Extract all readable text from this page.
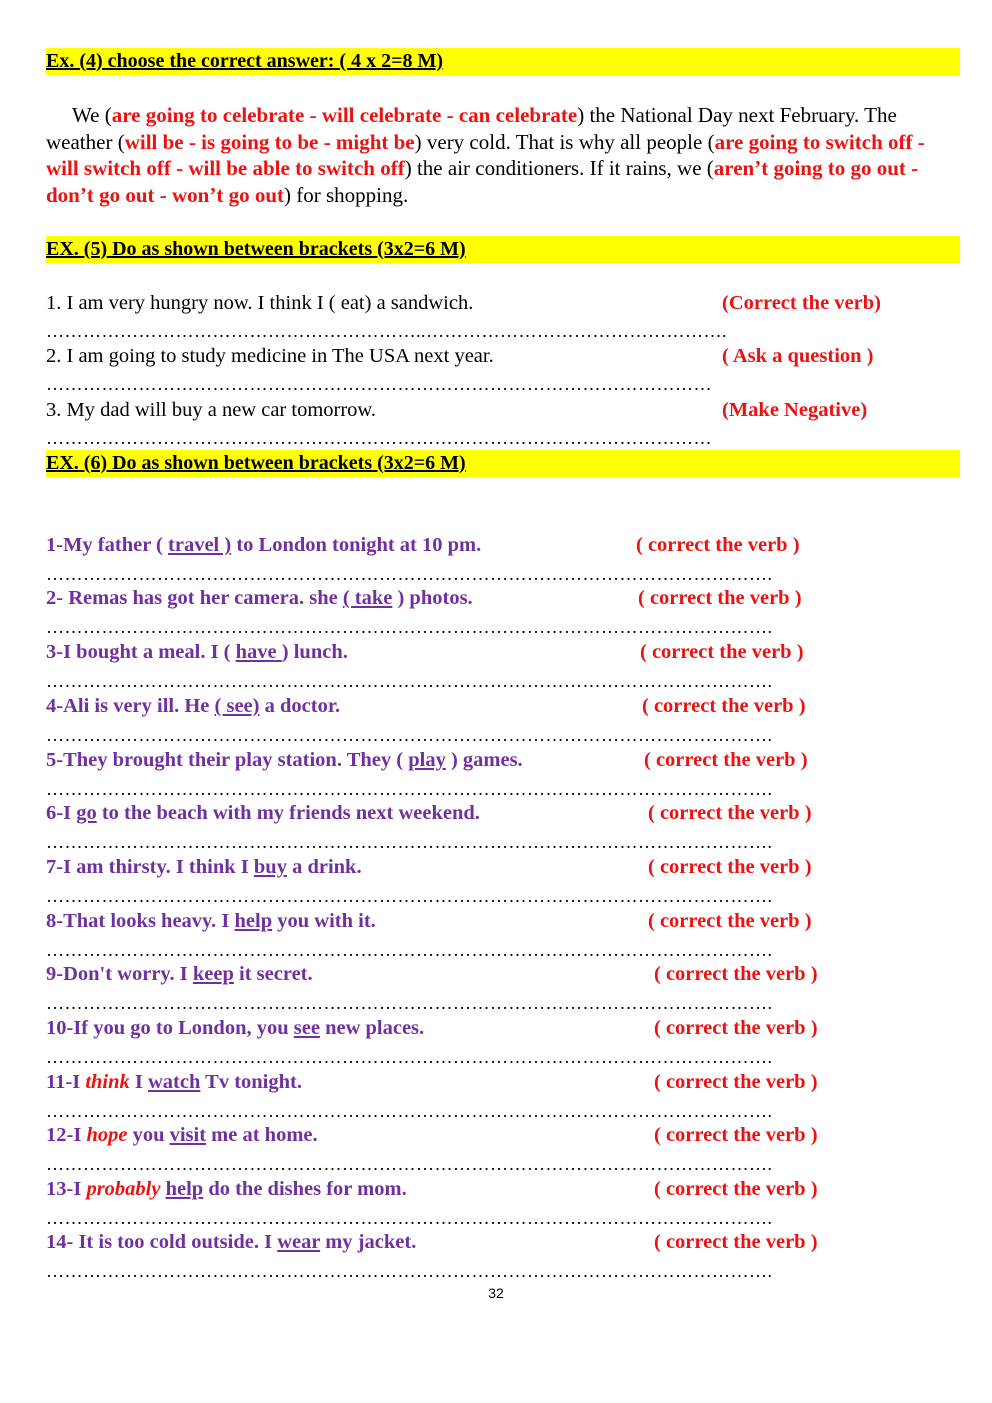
Ex. (4) choose the correct answer: ( 4 x 2=8 M)
We (are going to celebrate - will celebrate - can celebrate) the National Day next February. The weather (will be - is going to be - might be) very cold. That is why all people (are going to switch off - will switch off - will be able to switch off) the air conditioners. If it rains, we (aren’t going to go out - don’t go out - won’t go out) for shopping.
EX. (5) Do as shown between brackets (3x2=6 M)
1. I am very hungry now. I think I ( eat) a sandwich.	(Correct the verb)
……………………………………………………..………………………………………….
2. I am going to study medicine in The USA next year.	( Ask a question )
………………………………………………………………………………………………
3. My dad will buy a new car tomorrow.	(Make Negative)
………………………………………………………………………………………………
EX. (6) Do as shown between brackets (3x2=6 M)
1-My father ( travel ) to London tonight at 10 pm.	( correct the verb )
……………………………………………………………………………………………………….
2- Remas has got her camera. she ( take ) photos.	( correct the verb )
……………………………………………………………………………………………………….
3-I bought a meal. I ( have ) lunch.	( correct the verb )
……………………………………………………………………………………………………….
4-Ali is very ill. He ( see) a doctor.	( correct the verb )
……………………………………………………………………………………………………….
5-They brought their play station. They ( play ) games.	( correct the verb )
……………………………………………………………………………………………………….
6-I go to the beach with my friends next weekend.	( correct the verb )
……………………………………………………………………………………………………….
7-I am thirsty. I think I buy a drink.	( correct the verb )
……………………………………………………………………………………………………….
8-That looks heavy. I help you with it.	( correct the verb )
……………………………………………………………………………………………………….
9-Don't worry. I keep it secret.	( correct the verb )
……………………………………………………………………………………………………….
10-If you go to London, you see new places.	( correct the verb )
……………………………………………………………………………………………………….
11-I think I watch Tv tonight.	( correct the verb )
……………………………………………………………………………………………………….
12-I hope you visit me at home.	( correct the verb )
……………………………………………………………………………………………………….
13-I probably help do the dishes for mom.	( correct the verb )
……………………………………………………………………………………………………….
14- It is too cold outside. I wear my jacket.	( correct the verb )
……………………………………………………………………………………………………….
32
